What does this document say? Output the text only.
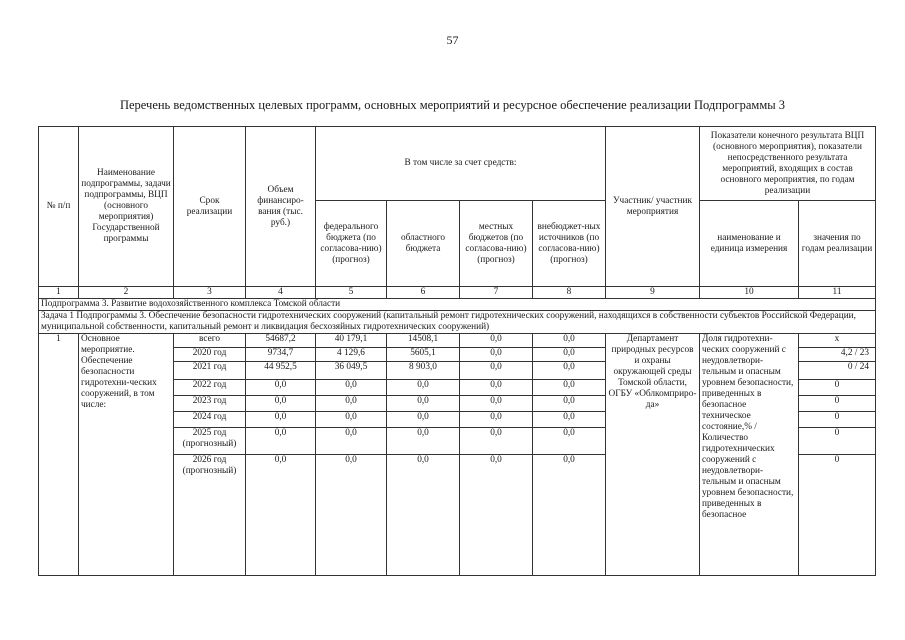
57
Перечень ведомственных целевых программ, основных мероприятий и ресурсное обеспечение реализации Подпрограммы 3
№ п/п	Наименование подпрограммы, задачи подпрограммы, ВЦП (основного мероприятия) Государственной программы	Срок реализации	Объем финансиро-вания (тыс. руб.)	В том числе за счет средств:				Участник/ участник мероприятия	Показатели конечного результата ВЦП (основного мероприятия), показатели непосредственного результата мероприятий, входящих в состав основного мероприятия, по годам реализации	
				федерального бюджета (по согласова-нию) (прогноз)	областного бюджета	местных бюджетов (по согласова-нию) (прогноз)	внебюджет-ных источников (по согласова-нию) (прогноз)		наименование и единица измерения	значения по годам реализации
1	2	3	4	5	6	7	8	9	10	11
Подпрограмма 3. Развитие водохозяйственного комплекса Томской области										
Задача 1 Подпрограммы 3. Обеспечение безопасности гидротехнических сооружений (капитальный ремонт гидротехнических сооружений, находящихся в собственности субъектов Российской Федерации, муниципальной собственности, капитальный ремонт и ликвидация бесхозяйных гидротехнических сооружений)										
1	Основное мероприятие. Обеспечение безопасности гидротехни-ческих сооружений, в том числе:	всего	54687,2	40 179,1	14508,1	0,0	0,0	Департамент природных ресурсов и охраны окружающей среды Томской области, ОГБУ «Облкомприро-да»	Доля гидротехни-ческих сооружений с неудовлетвори-тельным и опасным уровнем безопасности, приведенных в безопасное техническое состояние,% / Количество гидротехнических сооружений с неудовлетвори-тельным и опасным уровнем безопасности, приведенных в безопасное	х
		2020 год	9734,7	4 129,6	5605,1	0,0	0,0			4,2 / 23
		2021 год	44 952,5	36 049,5	8 903,0	0,0	0,0			0 / 24
		2022 год	0,0	0,0	0,0	0,0	0,0			0
		2023 год	0,0	0,0	0,0	0,0	0,0			0
		2024 год	0,0	0,0	0,0	0,0	0,0			0
		2025 год (прогнозный)	0,0	0,0	0,0	0,0	0,0			0
		2026 год (прогнозный)	0,0	0,0	0,0	0,0	0,0			0
